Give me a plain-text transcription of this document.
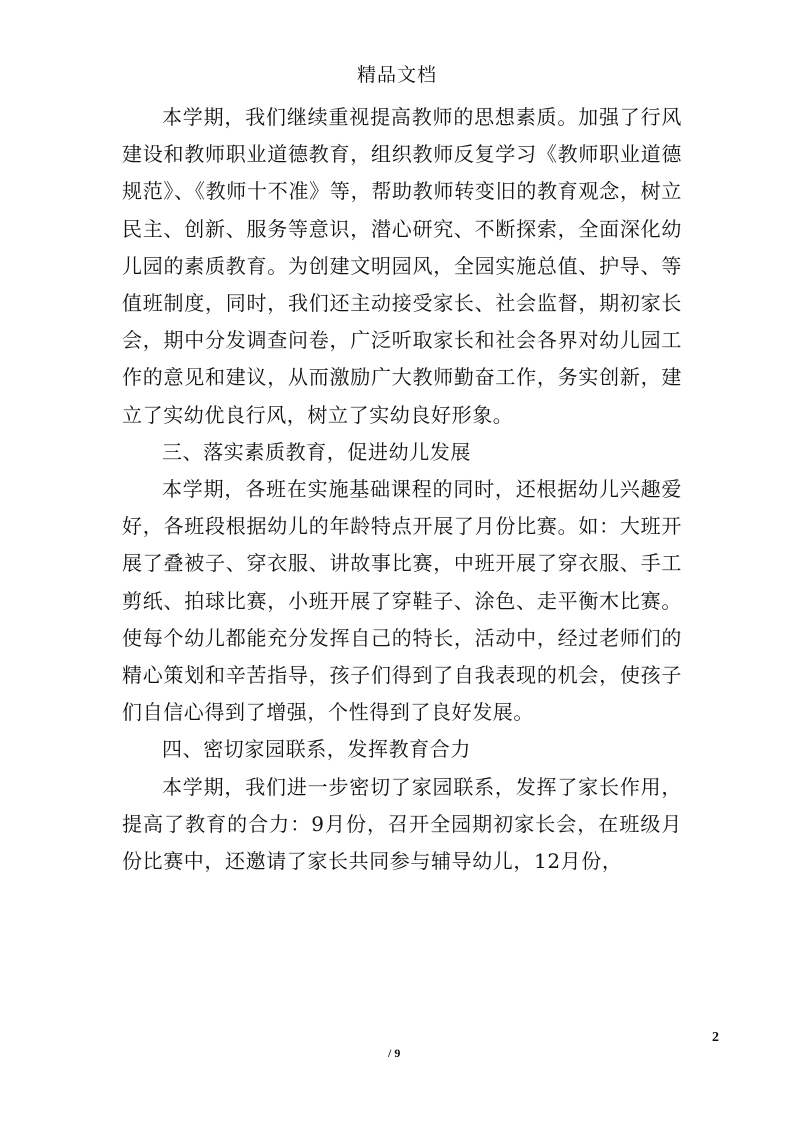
精品文档

本学期，我们继续重视提高教师的思想素质。加强了行风建设和教师职业道德教育，组织教师反复学习《教师职业道德规范》、《教师十不准》等，帮助教师转变旧的教育观念，树立民主、创新、服务等意识，潜心研究、不断探索，全面深化幼儿园的素质教育。为创建文明园风，全园实施总值、护导、等值班制度，同时，我们还主动接受家长、社会监督，期初家长会，期中分发调查问卷，广泛听取家长和社会各界对幼儿园工作的意见和建议，从而激励广大教师勤奋工作，务实创新，建立了实幼优良行风，树立了实幼良好形象。

三、落实素质教育，促进幼儿发展

本学期，各班在实施基础课程的同时，还根据幼儿兴趣爱好，各班段根据幼儿的年龄特点开展了月份比赛。如：大班开展了叠被子、穿衣服、讲故事比赛，中班开展了穿衣服、手工剪纸、拍球比赛，小班开展了穿鞋子、涂色、走平衡木比赛。使每个幼儿都能充分发挥自己的特长，活动中，经过老师们的精心策划和辛苦指导，孩子们得到了自我表现的机会，使孩子们自信心得到了增强，个性得到了良好发展。

四、密切家园联系，发挥教育合力

本学期，我们进一步密切了家园联系，发挥了家长作用，提高了教育的合力：9月份，召开全园期初家长会，在班级月份比赛中，还邀请了家长共同参与辅导幼儿，12月份，

2
/ 9
